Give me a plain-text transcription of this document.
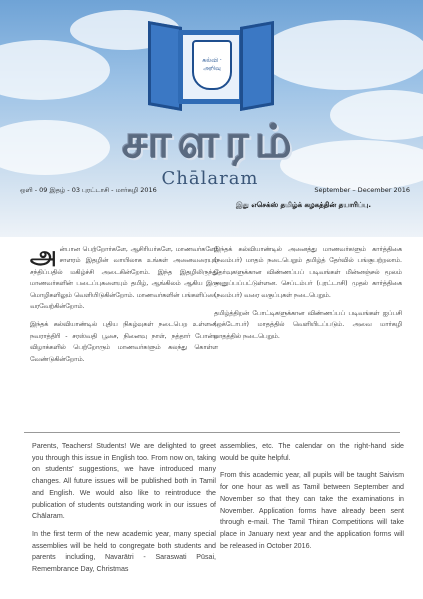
கல்வி · அறிவு
சாளரம்
Chālaram
ஒளி - 09 இதழ் - 03 புரட்டாசி - மார்கழி 2016	September – December 2016
இது எசெக்ஸ் தமிழ்க் கழகத்தின் தயாரிப்பு.

அ ன்பான பெற்றோர்களே, ஆசிரியர்களே, மாணவர்களே! சாளரம் இதழின் வாயிலாக உங்கள் அனைவரையும் சந்திப்பதில் மகிழ்ச்சி அடைகின்றோம். இந்த இதழிலிருந்து மாணவர்களின் படைப்புகளையும் தமிழ், ஆங்கிலம் ஆகிய இரு மொழிகளிலும் வெளியிடுகின்றோம். மாணவர்களின் பங்களிப்பை வரவேற்கின்றோம்.

இந்தக் கல்வியாண்டில் புதிய நிகழ்வுகள் நடைபெற உள்ளன. நவராத்திரி - சரஸ்வதி பூசை, நினைவு நாள், நத்தார் போன்ற விழாக்களில் பெற்றோரும் மாணவர்களும் கலந்து கொள்ள வேண்டுகின்றோம்.

இந்தக் கல்வியாண்டில் அனைத்து மாணவர்களும் கார்த்திகை (நவம்பர்) மாதம் நடைபெறும் தமிழ்த் தேர்வில் பங்குபற்றலாம். தேர்வுகளுக்கான விண்ணப்பப் படிவங்கள் மின்னஞ்சல் மூலம் அனுப்பப்பட்டுள்ளன. செப்டம்பர் (புரட்டாசி) முதல் கார்த்திகை (நவம்பர்) வரை வகுப்புகள் நடைபெறும்.

தமிழ்த்திறன் போட்டிகளுக்கான விண்ணப்பப் படிவங்கள் ஐப்பசி (ஒக்டோபர்) மாதத்தில் வெளியிடப்படும். அவை மார்கழி மாதத்தில் நடைபெறும்.

Parents, Teachers! Students! We are delighted to greet you through this issue in English too. From now on, taking on students' suggestions, we have introduced many changes. All future issues will be published both in Tamil and English. We would also like to reintroduce the publication of students outstanding work in our issues of Chālaram.

In the first term of the new academic year, many special assemblies will be held to congregate both students and parents including, Navarātri - Saraswati Pūsai, Remembrance Day, Christmas

assemblies, etc. The calendar on the right-hand side would be quite helpful.

From this academic year, all pupils will be taught Saivism for one hour as well as Tamil between September and November so that they can take the examinations in November. Application forms have already been sent through e-mail. The Tamil Thiran Competitions will take place in January next year and the application forms will be released in October 2016.
